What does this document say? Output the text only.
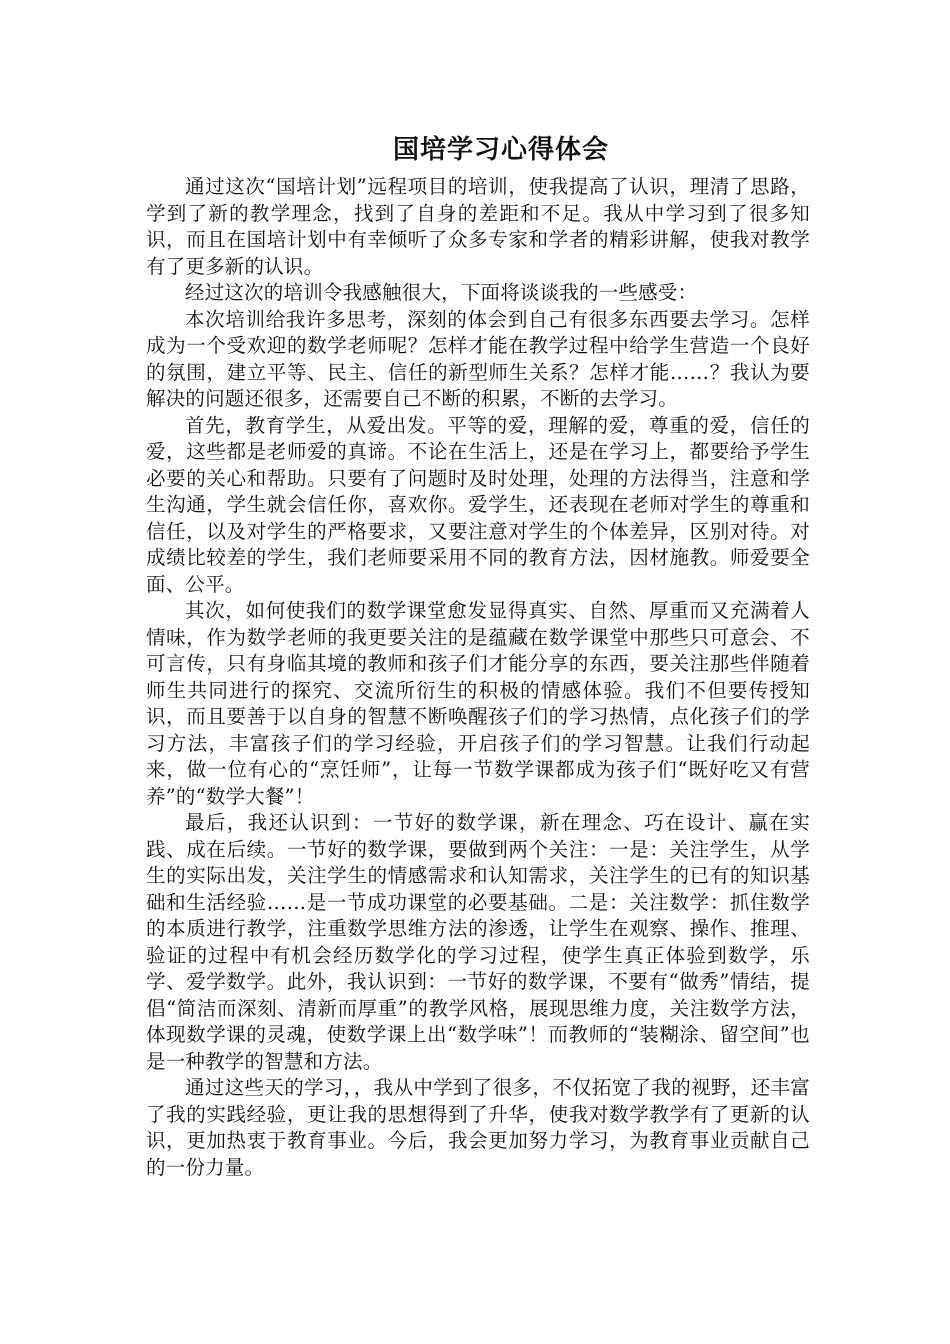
国培学习心得体会

通过这次“国培计划”远程项目的培训，使我提高了认识，理清了思路，学到了新的教学理念，找到了自身的差距和不足。我从中学习到了很多知识，而且在国培计划中有幸倾听了众多专家和学者的精彩讲解，使我对教学有了更多新的认识。

经过这次的培训令我感触很大，下面将谈谈我的一些感受：

本次培训给我许多思考，深刻的体会到自己有很多东西要去学习。怎样成为一个受欢迎的数学老师呢？怎样才能在教学过程中给学生营造一个良好的氛围，建立平等、民主、信任的新型师生关系？怎样才能……？我认为要解决的问题还很多，还需要自己不断的积累，不断的去学习。

首先，教育学生，从爱出发。平等的爱，理解的爱，尊重的爱，信任的爱，这些都是老师爱的真谛。不论在生活上，还是在学习上，都要给予学生必要的关心和帮助。只要有了问题时及时处理，处理的方法得当，注意和学生沟通，学生就会信任你，喜欢你。爱学生，还表现在老师对学生的尊重和信任，以及对学生的严格要求，又要注意对学生的个体差异，区别对待。对成绩比较差的学生，我们老师要采用不同的教育方法，因材施教。师爱要全面、公平。

其次，如何使我们的数学课堂愈发显得真实、自然、厚重而又充满着人情味，作为数学老师的我更要关注的是蕴藏在数学课堂中那些只可意会、不可言传，只有身临其境的教师和孩子们才能分享的东西，要关注那些伴随着师生共同进行的探究、交流所衍生的积极的情感体验。我们不但要传授知识，而且要善于以自身的智慧不断唤醒孩子们的学习热情，点化孩子们的学习方法，丰富孩子们的学习经验，开启孩子们的学习智慧。让我们行动起来，做一位有心的“烹饪师”，让每一节数学课都成为孩子们“既好吃又有营养”的“数学大餐”！

最后，我还认识到：一节好的数学课，新在理念、巧在设计、赢在实践、成在后续。一节好的数学课，要做到两个关注：一是：关注学生，从学生的实际出发，关注学生的情感需求和认知需求，关注学生的已有的知识基础和生活经验……是一节成功课堂的必要基础。二是：关注数学：抓住数学的本质进行教学，注重数学思维方法的渗透，让学生在观察、操作、推理、验证的过程中有机会经历数学化的学习过程，使学生真正体验到数学，乐学、爱学数学。此外，我认识到：一节好的数学课，不要有“做秀”情结，提倡“简洁而深刻、清新而厚重”的教学风格，展现思维力度，关注数学方法，体现数学课的灵魂，使数学课上出“数学味”！而教师的“装糊涂、留空间”也是一种教学的智慧和方法。

通过这些天的学习，，我从中学到了很多，不仅拓宽了我的视野，还丰富了我的实践经验，更让我的思想得到了升华，使我对数学教学有了更新的认识，更加热衷于教育事业。今后，我会更加努力学习，为教育事业贡献自己的一份力量。
